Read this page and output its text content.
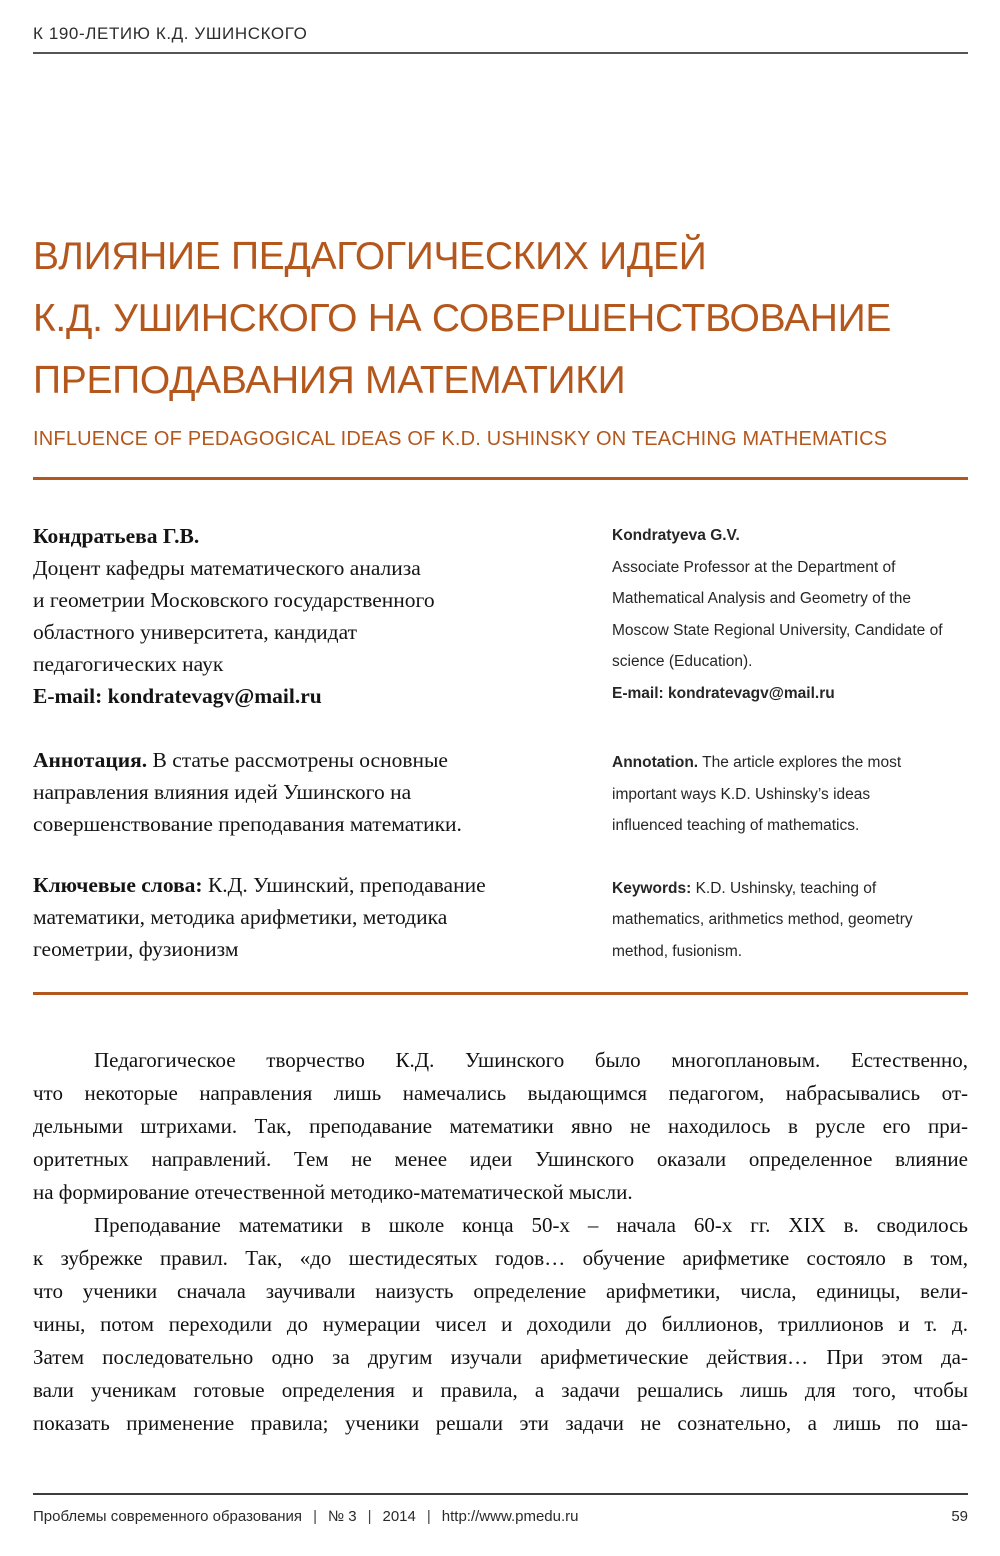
К 190-ЛЕТИЮ К.Д. УШИНСКОГО
ВЛИЯНИЕ ПЕДАГОГИЧЕСКИХ ИДЕЙ
К.Д. УШИНСКОГО НА СОВЕРШЕНСТВОВАНИЕ
ПРЕПОДАВАНИЯ МАТЕМАТИКИ
INFLUENCE OF PEDAGOGICAL IDEAS OF K.D. USHINSKY ON TEACHING MATHEMATICS
Кондратьева Г.В.
Доцент кафедры математического анализа
и геометрии Московского государственного
областного университета, кандидат
педагогических наук
E-mail: kondratevagv@mail.ru
Аннотация. В статье рассмотрены основные
направления влияния идей Ушинского на
совершенствование преподавания математики.
Ключевые слова: К.Д. Ушинский, преподавание
математики, методика арифметики, методика
геометрии, фузионизм
Kondratyeva G.V.
Associate Professor at the Department of
Mathematical Analysis and Geometry of the
Moscow State Regional University, Candidate of
science (Education).
E-mail: kondratevagv@mail.ru
Annotation. The article explores the most
important ways K.D. Ushinsky’s ideas
influenced teaching of mathematics.
Keywords: K.D. Ushinsky, teaching of
mathematics, arithmetics method, geometry
method, fusionism.
Педагогическое творчество К.Д. Ушинского было многоплановым. Естественно,
что некоторые направления лишь намечались выдающимся педагогом, набрасывались от-
дельными штрихами. Так, преподавание математики явно не находилось в русле его при-
оритетных направлений. Тем не менее идеи Ушинского оказали определенное влияние
на формирование отечественной методико-математической мысли.
Преподавание математики в школе конца 50-х – начала 60-х гг. XIX в. сводилось
к зубрежке правил. Так, «до шестидесятых годов… обучение арифметике состояло в том,
что ученики сначала заучивали наизусть определение арифметики, числа, единицы, вели-
чины, потом переходили до нумерации чисел и доходили до биллионов, триллионов и т. д.
Затем последовательно одно за другим изучали арифметические действия… При этом да-
вали ученикам готовые определения и правила, а задачи решались лишь для того, чтобы
показать применение правила; ученики решали эти задачи не сознательно, а лишь по ша-
Проблемы современного образования | № 3 | 2014 | http://www.pmedu.ru	59
